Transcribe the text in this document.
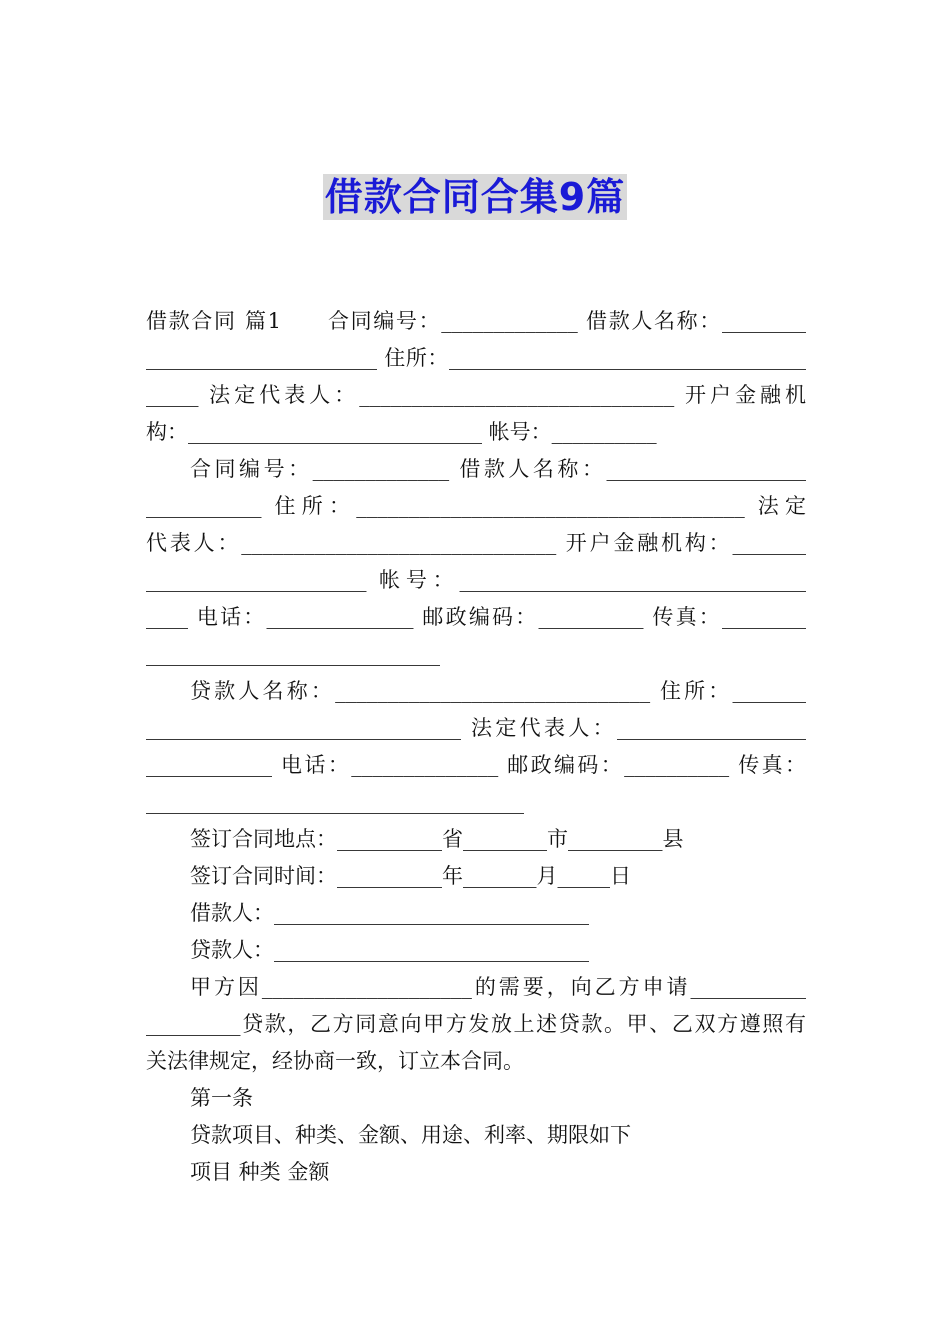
借款合同合集9篇
借款合同 篇1　　合同编号：_____________ 借款人名称：________
______________________ 住所：__________________________________
_____ 法定代表人：______________________________ 开户金融机
构：____________________________ 帐号：__________
合同编号：_____________ 借款人名称：___________________
___________ 住所：_____________________________________ 法定
代表人：______________________________ 开户金融机构：_______
_____________________ 帐号：_________________________________
____ 电话：______________ 邮政编码：__________ 传真：________
____________________________
贷款人名称：______________________________ 住所：_______
______________________________ 法定代表人：__________________
____________ 电话：______________ 邮政编码：__________ 传真：
____________________________________
签订合同地点：__________省________市_________县
签订合同时间：__________年_______月_____日
借款人：______________________________
贷款人：______________________________
甲方因____________________的需要，向乙方申请___________
_________贷款，乙方同意向甲方发放上述贷款。甲、乙双方遵照有
关法律规定，经协商一致，订立本合同。
第一条
贷款项目、种类、金额、用途、利率、期限如下
项目 种类 金额
